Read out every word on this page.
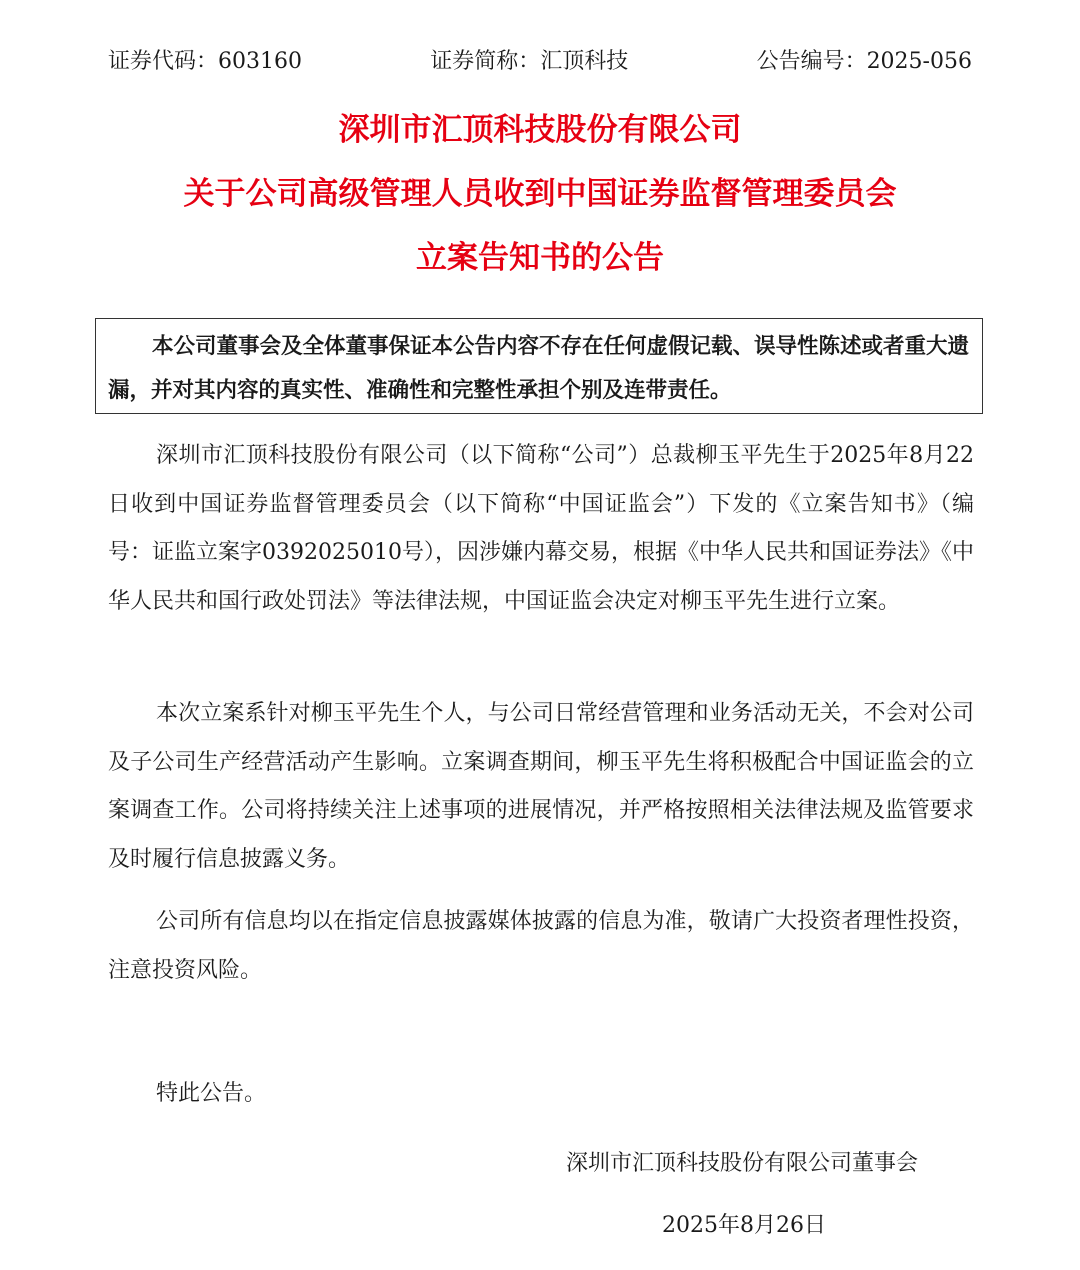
证券代码：603160	证券简称：汇顶科技	公告编号：2025-056
深圳市汇顶科技股份有限公司
关于公司高级管理人员收到中国证券监督管理委员会
立案告知书的公告
本公司董事会及全体董事保证本公告内容不存在任何虚假记载、误导性陈述或者重大遗漏，并对其内容的真实性、准确性和完整性承担个别及连带责任。
深圳市汇顶科技股份有限公司（以下简称“公司”）总裁柳玉平先生于2025年8月22日收到中国证券监督管理委员会（以下简称“中国证监会”）下发的《立案告知书》（编号：证监立案字0392025010号），因涉嫌内幕交易，根据《中华人民共和国证券法》《中华人民共和国行政处罚法》等法律法规，中国证监会决定对柳玉平先生进行立案。
本次立案系针对柳玉平先生个人，与公司日常经营管理和业务活动无关，不会对公司及子公司生产经营活动产生影响。立案调查期间，柳玉平先生将积极配合中国证监会的立案调查工作。公司将持续关注上述事项的进展情况，并严格按照相关法律法规及监管要求及时履行信息披露义务。
公司所有信息均以在指定信息披露媒体披露的信息为准，敬请广大投资者理性投资，注意投资风险。
特此公告。
深圳市汇顶科技股份有限公司董事会
2025年8月26日
